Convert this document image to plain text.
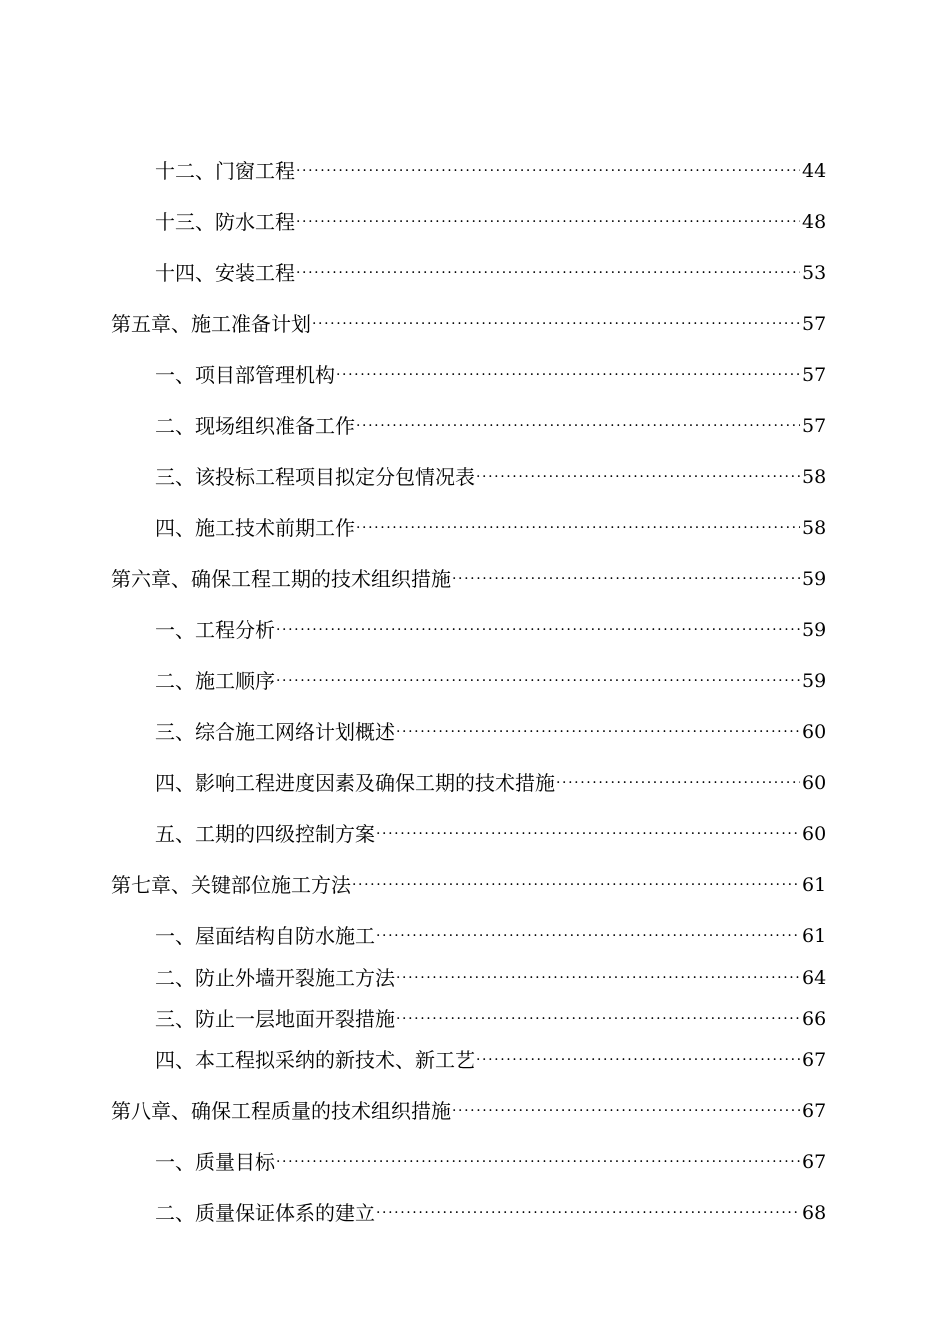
十二、门窗工程 ·····	44
十三、防水工程 ·····	48
十四、安装工程 ·····	53
第五章、施工准备计划 ·····	57
一、项目部管理机构 ·····	57
二、现场组织准备工作 ·····	57
三、该投标工程项目拟定分包情况表 ·····	58
四、施工技术前期工作 ·····	58
第六章、确保工程工期的技术组织措施 ·····	59
一、工程分析 ·····	59
二、施工顺序 ·····	59
三、综合施工网络计划概述 ·····	60
四、影响工程进度因素及确保工期的技术措施 ·····	60
五、工期的四级控制方案 ·····	60
第七章、关键部位施工方法 ·····	61
一、屋面结构自防水施工 ·····	61
二、防止外墙开裂施工方法 ·····	64
三、防止一层地面开裂措施 ·····	66
四、本工程拟采纳的新技术、新工艺 ·····	67
第八章、确保工程质量的技术组织措施 ·····	67
一、质量目标 ·····	67
二、质量保证体系的建立 ·····	68
